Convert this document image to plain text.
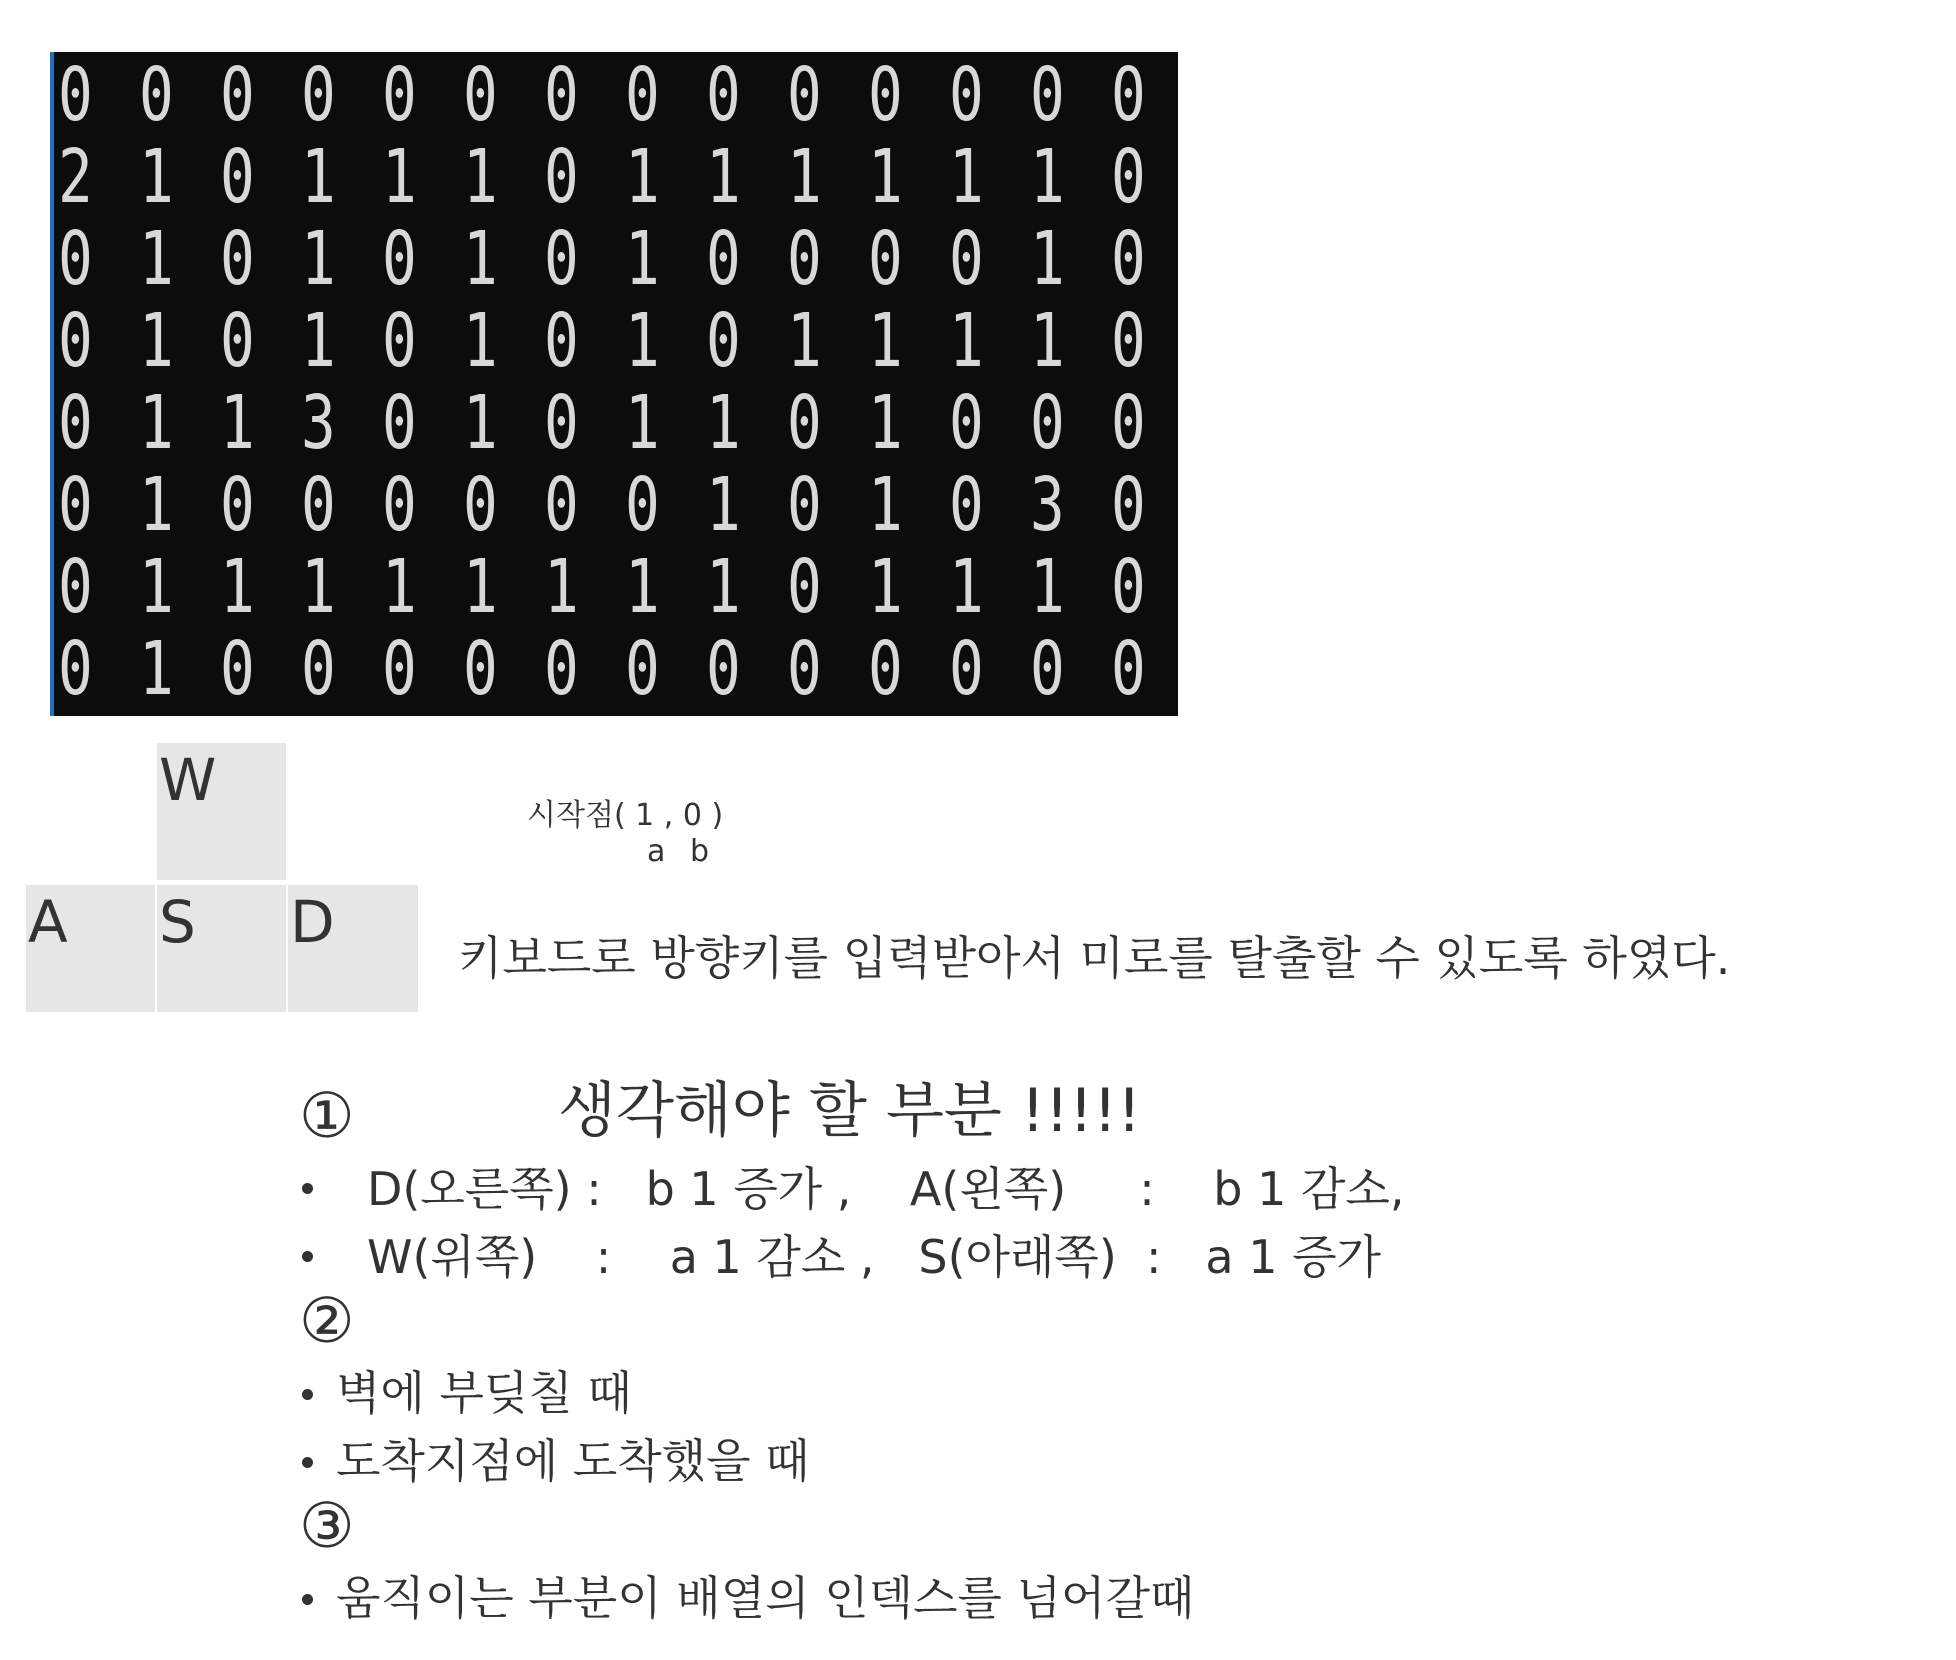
0 0 0 0 0 0 0 0 0 0 0 0 0 0
2 1 0 1 1 1 0 1 1 1 1 1 1 0
0 1 0 1 0 1 0 1 0 0 0 0 1 0
0 1 0 1 0 1 0 1 0 1 1 1 1 0
0 1 1 3 0 1 0 1 1 0 1 0 0 0
0 1 0 0 0 0 0 0 1 0 1 0 3 0
0 1 1 1 1 1 1 1 1 0 1 1 1 0
0 1 0 0 0 0 0 0 0 0 0 0 0 0
W
A	S	D
시작점( 1 , 0 )
a b
키보드로 방향키를 입력받아서 미로를 탈출할 수 있도록 하였다.
생각해야 할 부분 !!!!!
①
D(오른쪽) :   b 1 증가 ,    A(왼쪽)     :    b 1 감소,
W(위쪽)    :    a 1 감소 ,   S(아래쪽)  :   a 1 증가
②
벽에 부딪칠 때
도착지점에 도착했을 때
③
움직이는 부분이 배열의 인덱스를 넘어갈때
